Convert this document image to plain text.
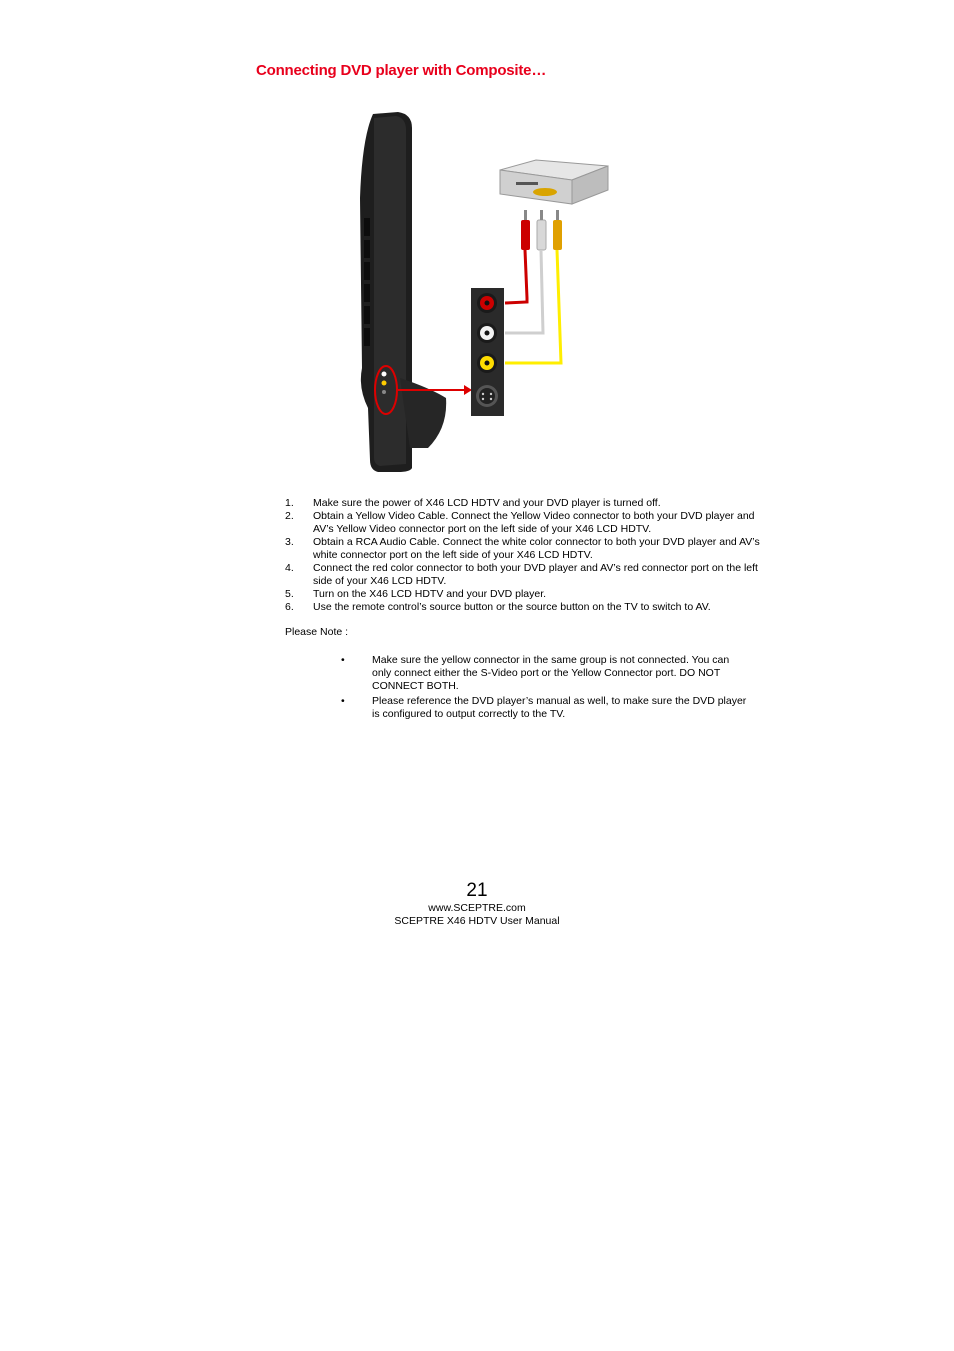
Connecting DVD player with Composite…
1.	Make sure the power of X46 LCD HDTV and your DVD player is turned off.
2.	Obtain a Yellow Video Cable. Connect the Yellow Video connector to both your DVD player and AV’s Yellow Video connector port on the left side of your X46 LCD HDTV.
3.	Obtain a RCA Audio Cable. Connect the white color connector to both your DVD player and AV’s white connector port on the left side of your X46 LCD HDTV.
4.	Connect the red color connector to both your DVD player and AV’s red connector port on the left side of your X46 LCD HDTV.
5.	Turn on the X46 LCD HDTV and your DVD player.
6.	Use the remote control’s source button or the source button on the TV to switch to AV.
Please Note :
•	Make sure the yellow connector in the same group is not connected. You can only connect either the S-Video port or the Yellow Connector port. DO NOT CONNECT BOTH.
•	Please reference the DVD player’s manual as well, to make sure the DVD player is configured to output correctly to the TV.
21
www.SCEPTRE.com
SCEPTRE X46 HDTV User Manual
